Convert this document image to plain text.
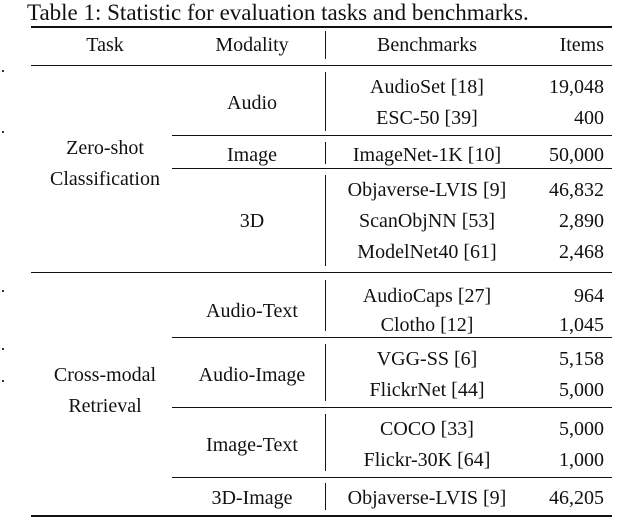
Table 1: Statistic for evaluation tasks and benchmarks.
Task	Modality	Benchmarks	Items
Zero-shot
Classification
Audio
AudioSet [18]	19,048
ESC-50 [39]	400
Image	ImageNet-1K [10] 50,000
3D
Objaverse-LVIS [9] 46,832
ScanObjNN [53]	2,890
ModelNet40 [61]	2,468
Cross-modal
Retrieval
Audio-Text
AudioCaps [27]	964
Clotho [12]	1,045
Audio-Image
VGG-SS [6]	5,158
FlickrNet [44]	5,000
Image-Text
COCO [33]	5,000
Flickr-30K [64]	1,000
3D-Image	Objaverse-LVIS [9] 46,205
